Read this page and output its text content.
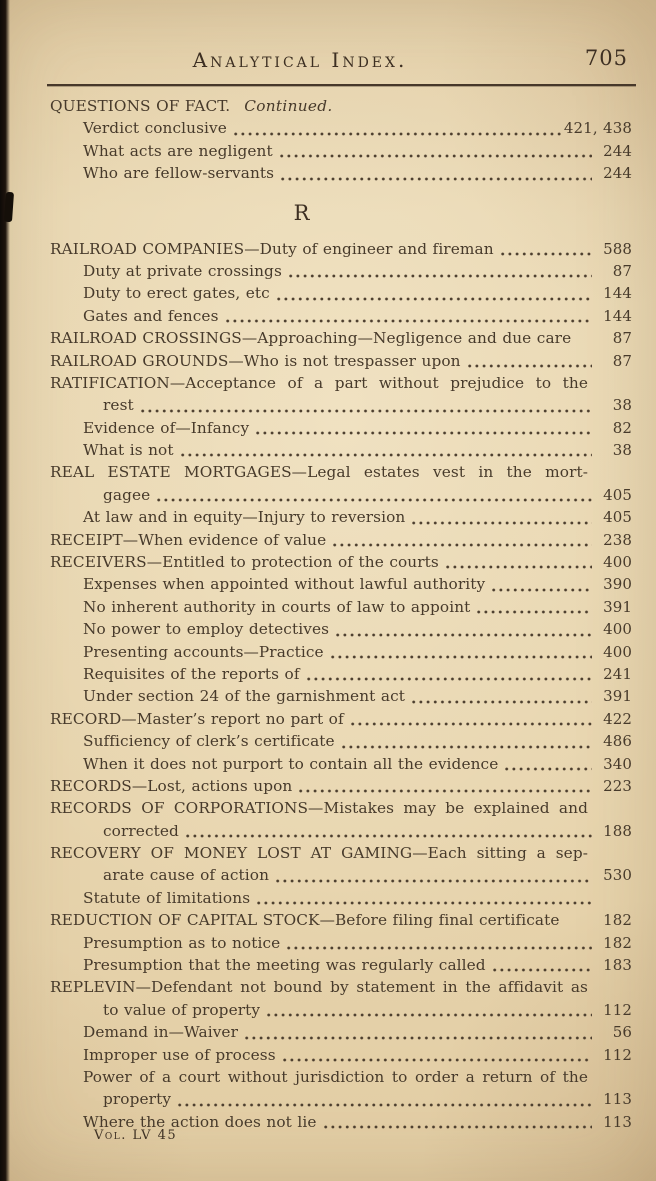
Analytical Index.	705
QUESTIONS OF FACT. Continued.
Verdict conclusive	421, 438
What acts are negligent	244
Who are fellow-servants	244
R
RAILROAD COMPANIES—Duty of engineer and fireman	588
Duty at private crossings	87
Duty to erect gates, etc	144
Gates and fences	144
RAILROAD CROSSINGS—Approaching—Negligence and due care	87
RAILROAD GROUNDS—Who is not trespasser upon	87
RATIFICATION—Acceptance of a part without prejudice to the
rest	38
Evidence of—Infancy	82
What is not	38
REAL ESTATE MORTGAGES—Legal estates vest in the mort-
gagee	405
At law and in equity—Injury to reversion	405
RECEIPT—When evidence of value	238
RECEIVERS—Entitled to protection of the courts	400
Expenses when appointed without lawful authority	390
No inherent authority in courts of law to appoint	391
No power to employ detectives	400
Presenting accounts—Practice	400
Requisites of the reports of	241
Under section 24 of the garnishment act	391
RECORD—Master’s report no part of	422
Sufficiency of clerk’s certificate	486
When it does not purport to contain all the evidence	340
RECORDS—Lost, actions upon	223
RECORDS OF CORPORATIONS—Mistakes may be explained and
corrected	188
RECOVERY OF MONEY LOST AT GAMING—Each sitting a sep-
arate cause of action	530
Statute of limitations
REDUCTION OF CAPITAL STOCK—Before filing final certificate	182
Presumption as to notice	182
Presumption that the meeting was regularly called	183
REPLEVIN—Defendant not bound by statement in the affidavit as
to value of property	112
Demand in—Waiver	56
Improper use of process	112
Power of a court without jurisdiction to order a return of the
property	113
Where the action does not lie	113
Vol. LV 45
